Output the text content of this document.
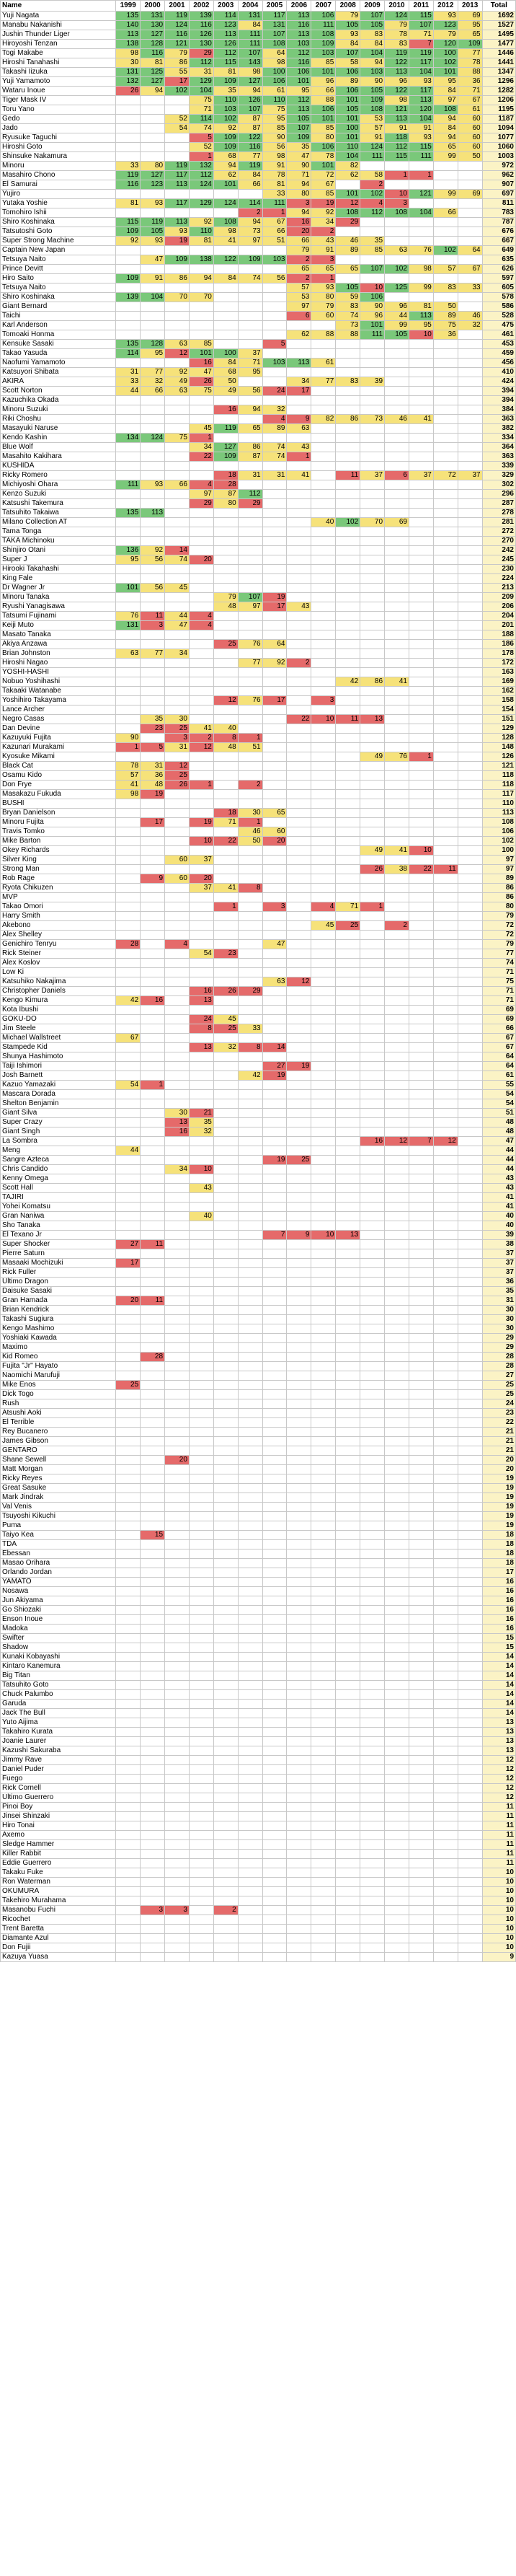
Name	1999	2000	2001	2002	2003	2004	2005	2006	2007	2008	2009	2010	2011	2012	2013	Total
Yuji Nagata	135	131	119	139	114	131	117	113	106	79	107	124	115	93	69	1692
Manabu Nakanishi	140	130	124	116	123	84	131	116	111	105	105	79	107	123	95	1527
Jushin Thunder Liger	113	127	116	126	113	111	107	113	108	93	83	78	71	79	65	1495
Hiroyoshi Tenzan	138	128	121	130	126	111	108	103	109	84	84	83	7	120	109	1477
Togi Makabe	98	116	79	29	112	107	64	112	103	107	104	119	119	100	77	1446
Hiroshi Tanahashi	30	81	86	112	115	143	98	116	85	58	94	122	117	102	78	1441
Takashi Iizuka	131	125	55	31	81	98	100	106	101	106	103	113	104	101	88	1347
Yuji Yamamoto	132	127	17	129	109	127	106	101	96	89	90	96	93	95	36	1296
Wataru Inoue	26	94	102	104	35	94	61	95	66	106	105	122	117	84	71	1282
Tiger Mask IV				75	110	126	110	112	88	101	109	98	113	97	67	1206
Toru Yano				71	103	107	75	113	106	105	108	121	120	108	61	1195
Gedo			52	114	102	87	95	105	101	101	53	113	104	94	60	1187
Jado			54	74	92	87	85	107	85	100	57	91	91	84	60	1094
Ryusuke Taguchi				5	109	122	90	109	80	101	91	118	93	94	60	1077
Hiroshi Goto				52	109	116	56	35	106	110	124	112	115	65	60	1060
Shinsuke Nakamura				1	68	77	98	47	78	104	111	115	111	99	50	1003
Minoru	33	80	119	132	94	119	91	90	101	82						972
Masahiro Chono	119	127	117	112	62	84	78	71	72	62	58	1	1			962
El Samurai	116	123	113	124	101	66	81	94	67		2					907
Yujiro							33	80	85	101	102	10	121	99	69	697
Yutaka Yoshie	81	93	117	129	124	114	111	3	19	12	4	3				811
Tomohiro Ishii						2	1	94	92	108	112	108	104	66		783
Shiro Koshinaka	115	119	113	92	108	94	67	16	34	29						787
Tatsutoshi Goto	109	105	93	110	98	73	66	20	2							676
Super Strong Machine	92	93	19	81	41	97	51	66	43	46	35					667
Captain New Japan								79	91	89	85	63	76	102	64	649
Tetsuya Naito		47	109	138	122	109	103	2	3							635
Prince Devitt								65	65	65	107	102	98	57	67	626
Hiro Saito	109	91	86	94	84	74	56	2	1							597
Tetsuya Naito								57	93	105	10	125	99	83	33	605
Shiro Koshinaka	139	104	70	70				53	80	59	106					578
Giant Bernard								97	79	83	90	96	81	50		586
Taichi								6	60	74	96	44	113	89	46	528
Karl Anderson										73	101	99	95	75	32	475
Tomoaki Honma								62	88	88	111	105	10	36		461
Kensuke Sasaki	135	128	63	85			5									453
Takao Yasuda	114	95	12	101	100	37										459
Naofumi Yamamoto				16	84	71	103	113	61							456
Katsuyori Shibata	31	77	92	47	68	95										410
AKIRA	33	32	49	26	50			34	77	83	39					424
Scott Norton	44	66	63	75	49	56	24	17								394
Kazuchika Okada																394
Minoru Suzuki					16	94	32									384
Riki Choshu							4	9	82	86	73	46	41			363
Masayuki Naruse				45	119	65	89	63								382
Kendo Kashin	134	124	75	1												334
Blue Wolf				34	127	86	74	43								364
Masahito Kakihara				22	109	87	74	1								363
KUSHIDA																339
Ricky Romero					18	31	31	41		11	37	6	37	72	37	329
Michiyoshi Ohara	111	93	66	4	28											302
Kenzo Suzuki				97	87	112										296
Katsushi Takemura				29	80	29										287
Tatsuhito Takaiwa	135	113														278
Milano Collection AT									40	102	70	69				281
Tama Tonga																272
TAKA Michinoku																270
Shinjiro Otani	136	92	14													242
Super J	95	56	74	20												245
Hirooki Takahashi																230
King Fale																224
Dr Wagner Jr	101	56	45													213
Minoru Tanaka					79	107	19									209
Ryushi Yanagisawa					48	97	17	43								206
Tatsumi Fujinami	76	11	44	4												204
Keiji Muto	131	3	47	4												201
Masato Tanaka																188
Akiya Anzawa					25	76	64									186
Brian Johnston	63	77	34													178
Hiroshi Nagao						77	92	2								172
YOSHI-HASHI																163
Nobuo Yoshihashi										42	86	41				169
Takaaki Watanabe																162
Yoshihiro Takayama					12	76	17		3							158
Lance Archer																154
Negro Casas		35	30					22	10	11	13					151
Dan Devine		23	25	41	40											129
Kazuyuki Fujita	90		3	2	8	1										128
Kazunari Murakami	1	5	31	12	48	51										148
Kyosuke Mikami											49	76	1			126
Black Cat	78	31	12													121
Osamu Kido	57	36	25													118
Don Frye	41	48	26	1		2										118
Masakazu Fukuda	98	19														117
BUSHI																110
Bryan Danielson					18	30	65									113
Minoru Fujita		17		19	71	1										108
Travis Tomko						46	60									106
Mike Barton				10	22	50	20									102
Okey Richards											49	41	10			100
Silver King			60	37												97
Strong Man											26	38	22	11		97
Rob Rage		9	60	20												89
Ryota Chikuzen				37	41	8										86
MVP																86
Takao Omori					1		3		4	71	1					80
Harry Smith																79
Akebono									45	25		2				72
Alex Shelley																72
Genichiro Tenryu	28		4				47									79
Rick Steiner				54	23											77
Alex Koslov																74
Low Ki																71
Katsuhiko Nakajima							63	12								75
Christopher Daniels				16	26	29										71
Kengo Kimura	42	16		13												71
Kota Ibushi																69
GOKU-DO				24	45											69
Jim Steele				8	25	33										66
Michael Wallstreet	67															67
Stampede Kid				13	32	8	14									67
Shunya Hashimoto																64
Taiji Ishimori							27	19								64
Josh Barnett						42	19									61
Kazuo Yamazaki	54	1														55
Mascara Dorada																54
Shelton Benjamin																54
Giant Silva			30	21												51
Super Crazy			13	35												48
Giant Singh			16	32												48
La Sombra											16	12	7	12		47
Meng	44															44
Sangre Azteca							19	25								44
Chris Candido			34	10												44
Kenny Omega																43
Scott Hall				43												43
TAJIRI																41
Yohei Komatsu																41
Gran Naniwa				40												40
Sho Tanaka																40
El Texano Jr							7	9	10	13						39
Super Shocker	27	11														38
Pierre Saturn																37
Masaaki Mochizuki	17															37
Rick Fuller																37
Ultimo Dragon																36
Daisuke Sasaki																35
Gran Hamada	20	11														31
Brian Kendrick																30
Takashi Sugiura																30
Kengo Mashimo																30
Yoshiaki Kawada																29
Maximo																29
Kid Romeo		28														28
Fujita "Jr" Hayato																28
Naomichi Marufuji																27
Mike Enos	25															25
Dick Togo																25
Rush																24
Atsushi Aoki																23
El Terrible																22
Rey Bucanero																21
James Gibson																21
GENTARO																21
Shane Sewell			20													20
Matt Morgan																20
Ricky Reyes																19
Great Sasuke																19
Mark Jindrak																19
Val Venis																19
Tsuyoshi Kikuchi																19
Puma																19
Taiyo Kea		15														18
TDA																18
Ebessan																18
Masao Orihara																18
Orlando Jordan																17
YAMATO																16
Nosawa																16
Jun Akiyama																16
Go Shiozaki																16
Enson Inoue																16
Madoka																16
Swifter																15
Shadow																15
Kunaki Kobayashi																14
Kintaro Kanemura																14
Big Titan																14
Tatsuhito Goto																14
Chuck Palumbo																14
Garuda																14
Jack The Bull																14
Yuto Aijima																13
Takahiro Kurata																13
Joanie Laurer																13
Kazushi Sakuraba																13
Jimmy Rave																12
Daniel Puder																12
Fuego																12
Rick Cornell																12
Ultimo Guerrero																12
Pinoi Boy																11
Jinsei Shinzaki																11
Hiro Tonai																11
Axemo																11
Sledge Hammer																11
Killer Rabbit																11
Eddie Guerrero																11
Takaku Fuke																10
Ron Waterman																10
OKUMURA																10
Takehiro Murahama																10
Masanobu Fuchi		3	3		2											10
Ricochet																10
Trent Baretta																10
Diamante Azul																10
Don Fujii																10
Kazuya Yuasa																9
